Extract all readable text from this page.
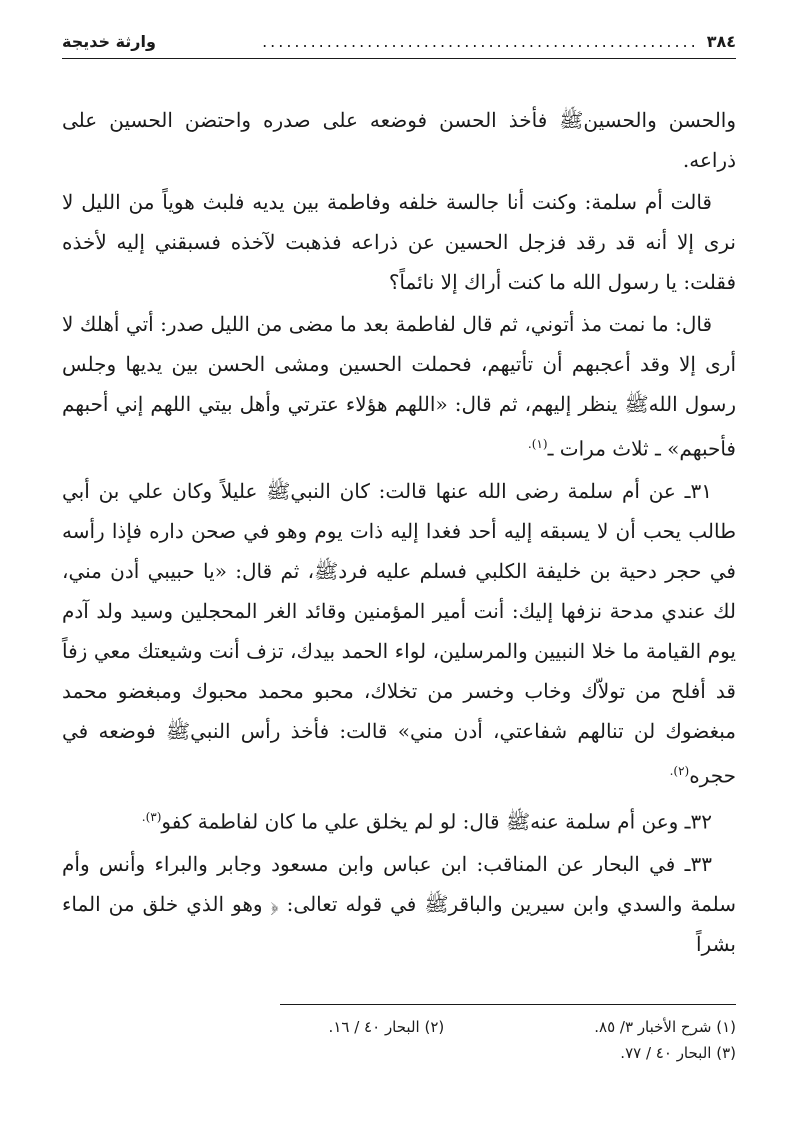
٣٨٤
......................................................
وارثة خديجة

والحسن والحسينﷺ فأخذ الحسن فوضعه على صدره واحتضن الحسين على ذراعه.

قالت أم سلمة: وكنت أنا جالسة خلفه وفاطمة بين يديه فلبث هوياً من الليل لا نرى إلا أنه قد رقد فزجل الحسين عن ذراعه فذهبت لآخذه فسبقني إليه لأخذه فقلت: يا رسول الله ما كنت أراك إلا نائماً؟

قال: ما نمت مذ أتوني، ثم قال لفاطمة بعد ما مضى من الليل صدر: أتي أهلك لا أرى إلا وقد أعجبهم أن تأتيهم، فحملت الحسين ومشى الحسن بين يديها وجلس رسول اللهﷺ ينظر إليهم، ثم قال: «اللهم هؤلاء عترتي وأهل بيتي اللهم إني أحبهم فأحبهم» ـ ثلاث مرات ـ$^{(١).}$

٣١ـ عن أم سلمة رضى الله عنها قالت: كان النبيﷺ عليلاً وكان علي بن أبي طالب يحب أن لا يسبقه إليه أحد فغدا إليه ذات يوم وهو في صحن داره فإذا رأسه في حجر دحية بن خليفة الكلبي فسلم عليه فردﷺ، ثم قال: «يا حبيبي أدن مني، لك عندي مدحة نزفها إليك: أنت أمير المؤمنين وقائد الغر المحجلين وسيد ولد آدم يوم القيامة ما خلا النبيين والمرسلين، لواء الحمد بيدك، تزف أنت وشيعتك معي زفاً قد أفلح من تولاّك وخاب وخسر من تخلاك، محبو محمد محبوك ومبغضو محمد مبغضوك لن تنالهم شفاعتي، أدن مني» قالت: فأخذ رأس النبيﷺ فوضعه في حجره$^{(٢).}$

٣٢ـ وعن أم سلمة عنهﷺ قال: لو لم يخلق علي ما كان لفاطمة كفو$^{(٣).}$

٣٣ـ في البحار عن المناقب: ابن عباس وابن مسعود وجابر والبراء وأنس وأم سلمة والسدي وابن سيرين والباقرﷺ في قوله تعالى: ﴿ وهو الذي خلق من الماء بشراً

(١) شرح الأخبار ٣/ ٨٥.
(٢) البحار ٤٠ / ١٦.
(٣) البحار ٤٠ / ٧٧.
